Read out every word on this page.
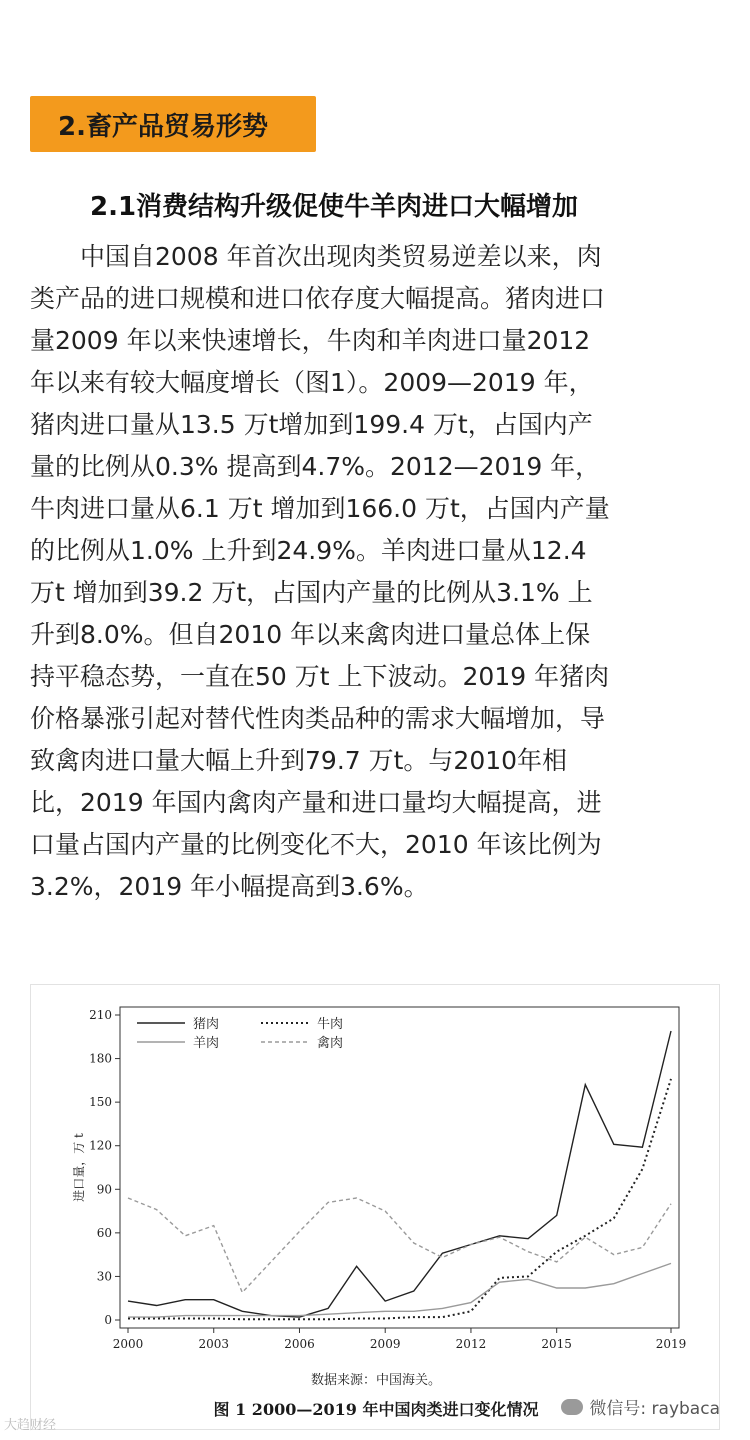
2.畜产品贸易形势
2.1消费结构升级促使牛羊肉进口大幅增加

　　中国自2008 年首次出现肉类贸易逆差以来，肉
类产品的进口规模和进口依存度大幅提高。猪肉进口
量2009 年以来快速增长，牛肉和羊肉进口量2012
年以来有较大幅度增长（图1）。2009—2019 年，
猪肉进口量从13.5 万t增加到199.4 万t，占国内产
量的比例从0.3% 提高到4.7%。2012—2019 年，
牛肉进口量从6.1 万t 增加到166.0 万t，占国内产量
的比例从1.0% 上升到24.9%。羊肉进口量从12.4
万t 增加到39.2 万t，占国内产量的比例从3.1% 上
升到8.0%。但自2010 年以来禽肉进口量总体上保
持平稳态势，一直在50 万t 上下波动。2019 年猪肉
价格暴涨引起对替代性肉类品种的需求大幅增加，导
致禽肉进口量大幅上升到79.7 万t。与2010年相
比，2019 年国内禽肉产量和进口量均大幅提高，进
口量占国内产量的比例变化不大，2010 年该比例为
3.2%，2019 年小幅提高到3.6%。

0
30
60
90
120
150
180
210
2000	2003	2006	2009	2012	2015	2019
进口量，万 t
猪肉	牛肉
羊肉	禽肉
数据来源：中国海关。
图 1 2000—2019 年中国肉类进口变化情况
大趋财经
微信号: raybaca
